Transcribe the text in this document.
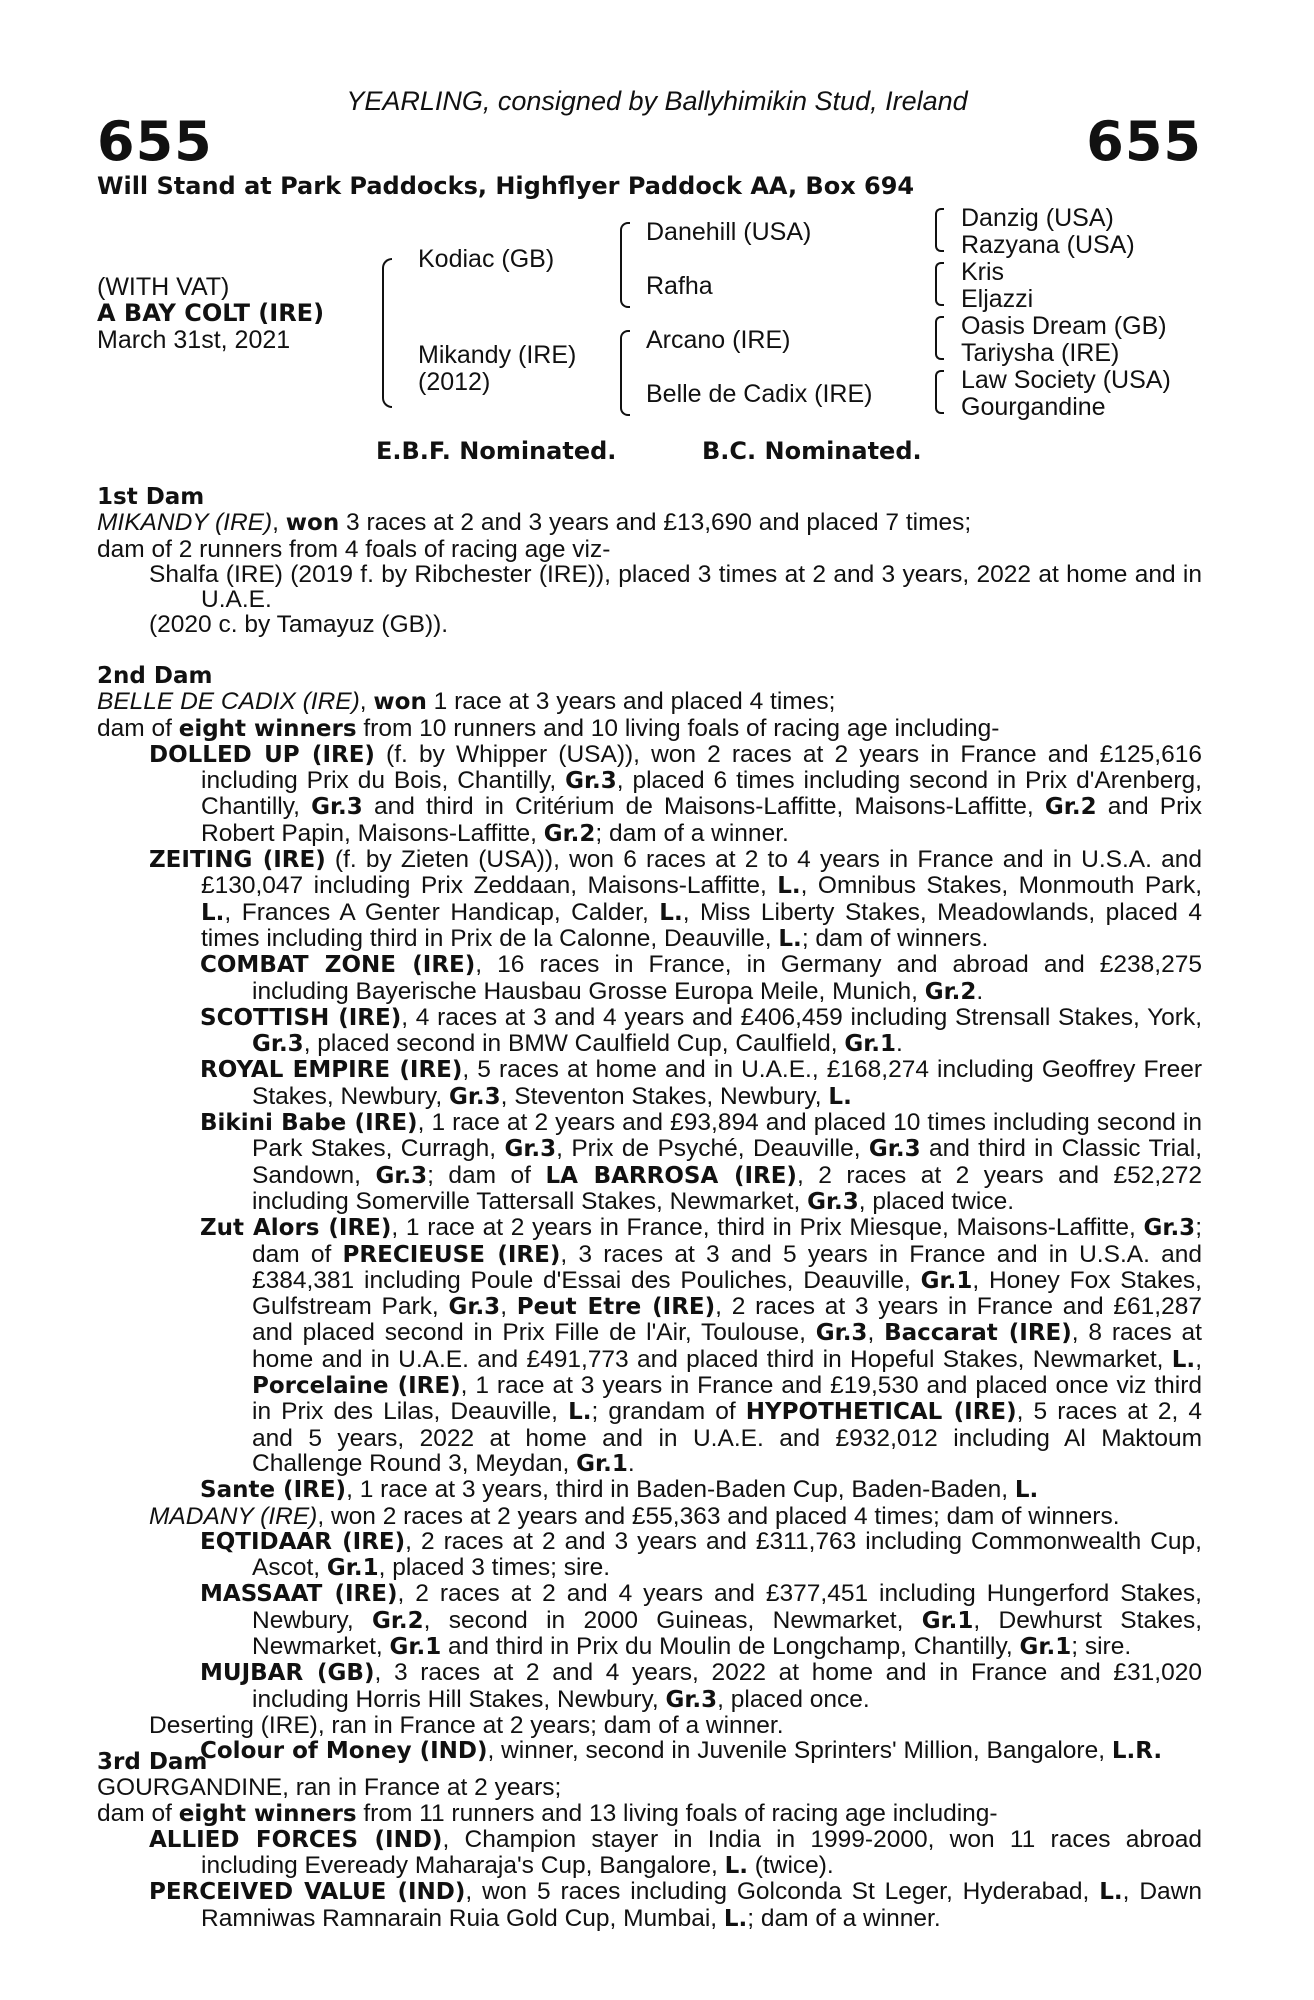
YEARLING, consigned by Ballyhimikin Stud, Ireland
655	655
Will Stand at Park Paddocks, Highflyer Paddock AA, Box 694
(WITH VAT)
A BAY COLT (IRE)
March 31st, 2021
Kodiac (GB)
Mikandy (IRE)
(2012)
Danehill (USA)
Rafha
Arcano (IRE)
Belle de Cadix (IRE)
Danzig (USA)
Razyana (USA)
Kris
Eljazzi
Oasis Dream (GB)
Tariysha (IRE)
Law Society (USA)
Gourgandine
E.B.F. Nominated.	B.C. Nominated.

1st Dam

MIKANDY (IRE), won 3 races at 2 and 3 years and £13,690 and placed 7 times;

dam of 2 runners from 4 foals of racing age viz-

Shalfa (IRE) (2019 f. by Ribchester (IRE)), placed 3 times at 2 and 3 years, 2022 at home and in U.A.E.

(2020 c. by Tamayuz (GB)).

2nd Dam

BELLE DE CADIX (IRE), won 1 race at 3 years and placed 4 times;

dam of eight winners from 10 runners and 10 living foals of racing age including-

DOLLED UP (IRE) (f. by Whipper (USA)), won 2 races at 2 years in France and £125,616 including Prix du Bois, Chantilly, Gr.3, placed 6 times including second in Prix d'Arenberg, Chantilly, Gr.3 and third in Critérium de Maisons-Laffitte, Maisons-Laffitte, Gr.2 and Prix Robert Papin, Maisons-Laffitte, Gr.2; dam of a winner.

ZEITING (IRE) (f. by Zieten (USA)), won 6 races at 2 to 4 years in France and in U.S.A. and £130,047 including Prix Zeddaan, Maisons-Laffitte, L., Omnibus Stakes, Monmouth Park, L., Frances A Genter Handicap, Calder, L., Miss Liberty Stakes, Meadowlands, placed 4 times including third in Prix de la Calonne, Deauville, L.; dam of winners.

COMBAT ZONE (IRE), 16 races in France, in Germany and abroad and £238,275 including Bayerische Hausbau Grosse Europa Meile, Munich, Gr.2.

SCOTTISH (IRE), 4 races at 3 and 4 years and £406,459 including Strensall Stakes, York, Gr.3, placed second in BMW Caulfield Cup, Caulfield, Gr.1.

ROYAL EMPIRE (IRE), 5 races at home and in U.A.E., £168,274 including Geoffrey Freer Stakes, Newbury, Gr.3, Steventon Stakes, Newbury, L.

Bikini Babe (IRE), 1 race at 2 years and £93,894 and placed 10 times including second in Park Stakes, Curragh, Gr.3, Prix de Psyché, Deauville, Gr.3 and third in Classic Trial, Sandown, Gr.3; dam of LA BARROSA (IRE), 2 races at 2 years and £52,272 including Somerville Tattersall Stakes, Newmarket, Gr.3, placed twice.

Zut Alors (IRE), 1 race at 2 years in France, third in Prix Miesque, Maisons-Laffitte, Gr.3; dam of PRECIEUSE (IRE), 3 races at 3 and 5 years in France and in U.S.A. and £384,381 including Poule d'Essai des Pouliches, Deauville, Gr.1, Honey Fox Stakes, Gulfstream Park, Gr.3, Peut Etre (IRE), 2 races at 3 years in France and £61,287 and placed second in Prix Fille de l'Air, Toulouse, Gr.3, Baccarat (IRE), 8 races at home and in U.A.E. and £491,773 and placed third in Hopeful Stakes, Newmarket, L., Porcelaine (IRE), 1 race at 3 years in France and £19,530 and placed once viz third in Prix des Lilas, Deauville, L.; grandam of HYPOTHETICAL (IRE), 5 races at 2, 4 and 5 years, 2022 at home and in U.A.E. and £932,012 including Al Maktoum Challenge Round 3, Meydan, Gr.1.

Sante (IRE), 1 race at 3 years, third in Baden-Baden Cup, Baden-Baden, L.

MADANY (IRE), won 2 races at 2 years and £55,363 and placed 4 times; dam of winners.

EQTIDAAR (IRE), 2 races at 2 and 3 years and £311,763 including Commonwealth Cup, Ascot, Gr.1, placed 3 times; sire.

MASSAAT (IRE), 2 races at 2 and 4 years and £377,451 including Hungerford Stakes, Newbury, Gr.2, second in 2000 Guineas, Newmarket, Gr.1, Dewhurst Stakes, Newmarket, Gr.1 and third in Prix du Moulin de Longchamp, Chantilly, Gr.1; sire.

MUJBAR (GB), 3 races at 2 and 4 years, 2022 at home and in France and £31,020 including Horris Hill Stakes, Newbury, Gr.3, placed once.

Deserting (IRE), ran in France at 2 years; dam of a winner.

Colour of Money (IND), winner, second in Juvenile Sprinters' Million, Bangalore, L.R.

3rd Dam

GOURGANDINE, ran in France at 2 years;

dam of eight winners from 11 runners and 13 living foals of racing age including-

ALLIED FORCES (IND), Champion stayer in India in 1999-2000, won 11 races abroad including Eveready Maharaja's Cup, Bangalore, L. (twice).

PERCEIVED VALUE (IND), won 5 races including Golconda St Leger, Hyderabad, L., Dawn Ramniwas Ramnarain Ruia Gold Cup, Mumbai, L.; dam of a winner.
